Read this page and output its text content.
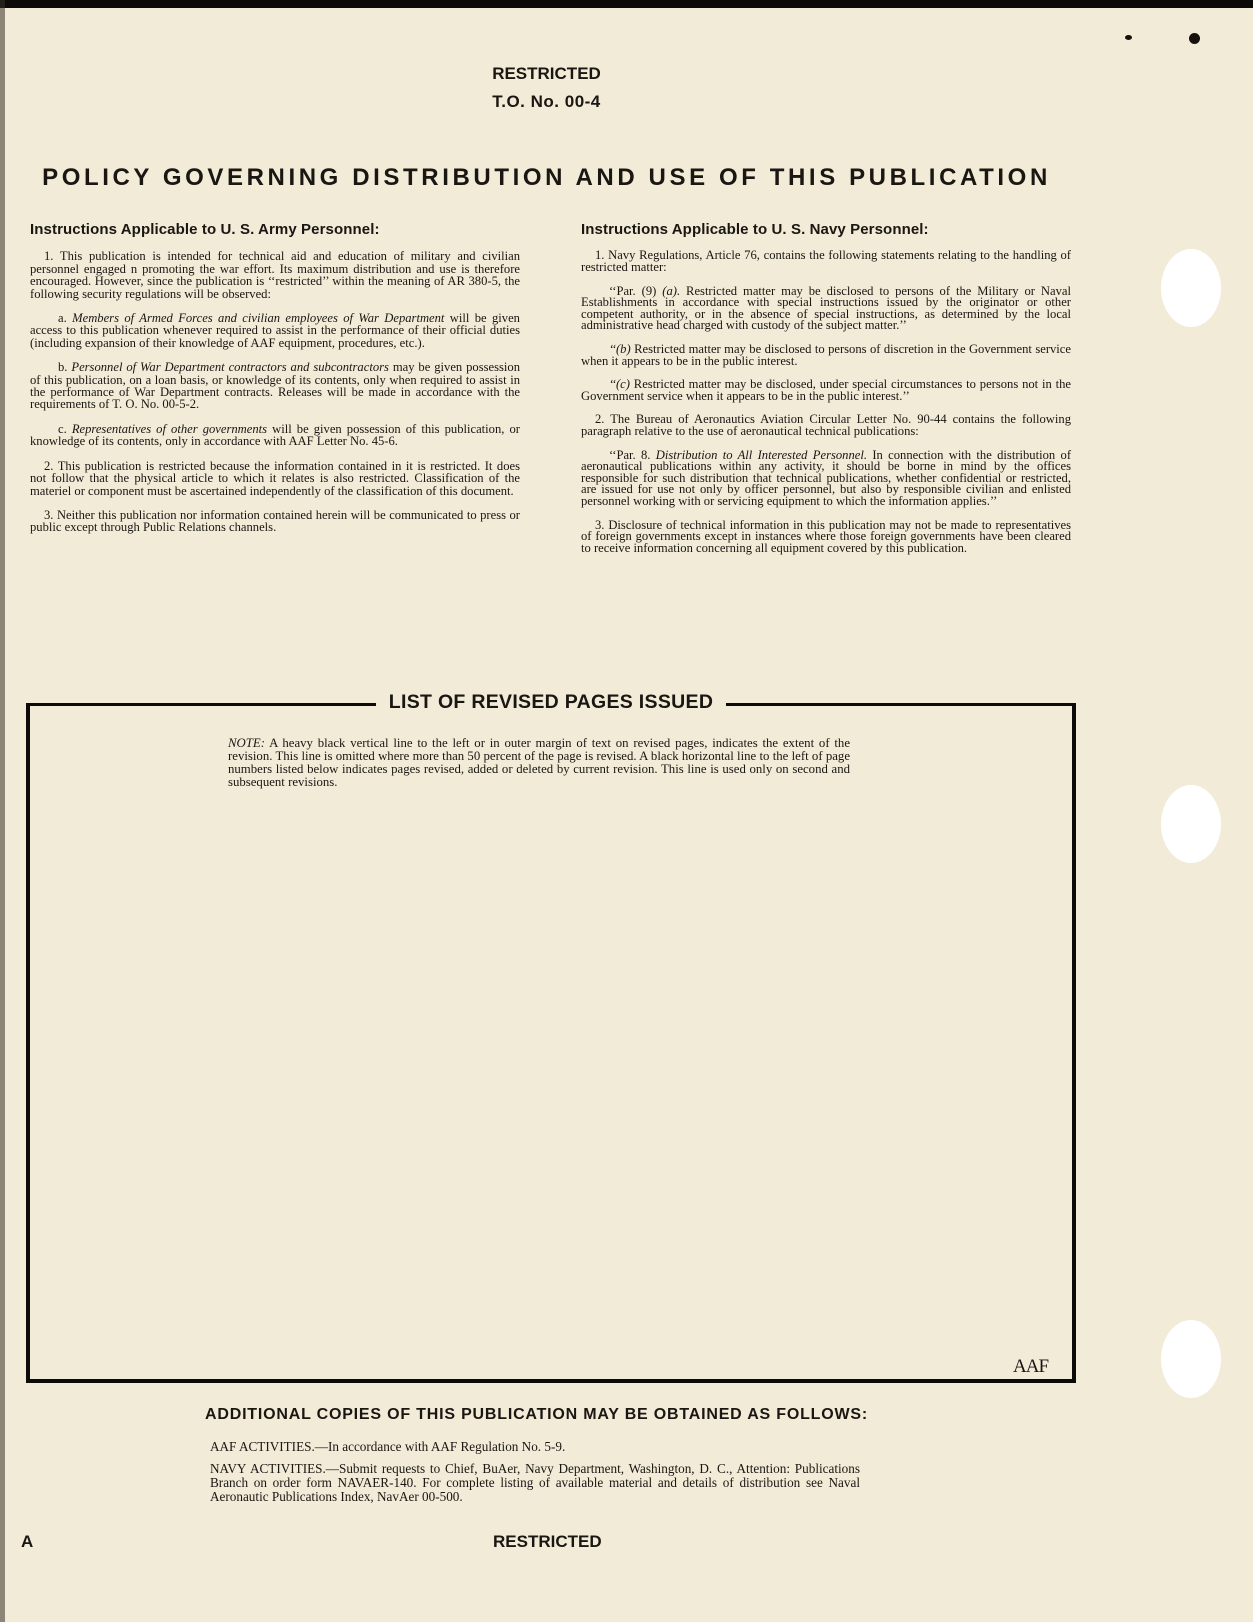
RESTRICTED
T.O. No. 00-4
POLICY GOVERNING DISTRIBUTION AND USE OF THIS PUBLICATION
Instructions Applicable to U. S. Army Personnel:

1. This publication is intended for technical aid and education of military and civilian personnel engaged n promoting the war effort. Its maximum distribution and use is therefore encouraged. However, since the publication is ‘‘restricted’’ within the meaning of AR 380-5, the following security regulations will be observed:

a. Members of Armed Forces and civilian employees of War Department will be given access to this publication whenever required to assist in the performance of their official duties (including expansion of their knowledge of AAF equipment, procedures, etc.).

b. Personnel of War Department contractors and subcontractors may be given possession of this publication, on a loan basis, or knowledge of its contents, only when required to assist in the performance of War Department contracts. Releases will be made in accordance with the requirements of T. O. No. 00-5-2.

c. Representatives of other governments will be given possession of this publication, or knowledge of its contents, only in accordance with AAF Letter No. 45-6.

2. This publication is restricted because the information contained in it is restricted. It does not follow that the physical article to which it relates is also restricted. Classification of the materiel or component must be ascertained independently of the classification of this document.

3. Neither this publication nor information contained herein will be communicated to press or public except through Public Relations channels.

Instructions Applicable to U. S. Navy Personnel:

1. Navy Regulations, Article 76, contains the following statements relating to the handling of restricted matter:

‘‘Par. (9) (a). Restricted matter may be disclosed to persons of the Military or Naval Establishments in accordance with special instructions issued by the originator or other competent authority, or in the absence of special instructions, as determined by the local administrative head charged with custody of the subject matter.’’

‘‘(b) Restricted matter may be disclosed to persons of discretion in the Government service when it appears to be in the public interest.

‘‘(c) Restricted matter may be disclosed, under special circumstances to persons not in the Government service when it appears to be in the public interest.’’

2. The Bureau of Aeronautics Aviation Circular Letter No. 90-44 contains the following paragraph relative to the use of aeronautical technical publications:

‘‘Par. 8. Distribution to All Interested Personnel. In connection with the distribution of aeronautical publications within any activity, it should be borne in mind by the offices responsible for such distribution that technical publications, whether confidential or restricted, are issued for use not only by officer personnel, but also by responsible civilian and enlisted personnel working with or servicing equipment to which the information applies.’’

3. Disclosure of technical information in this publication may not be made to representatives of foreign governments except in instances where those foreign governments have been cleared to receive information concerning all equipment covered by this publication.

LIST OF REVISED PAGES ISSUED
NOTE: A heavy black vertical line to the left or in outer margin of text on revised pages, indicates the extent of the revision. This line is omitted where more than 50 percent of the page is revised. A black horizontal line to the left of page numbers listed below indicates pages revised, added or deleted by current revision. This line is used only on second and subsequent revisions.
AAF
ADDITIONAL COPIES OF THIS PUBLICATION MAY BE OBTAINED AS FOLLOWS:
AAF ACTIVITIES.—In accordance with AAF Regulation No. 5-9.
NAVY ACTIVITIES.—Submit requests to Chief, BuAer, Navy Department, Washington, D. C., Attention: Publications Branch on order form NAVAER-140. For complete listing of available material and details of distribution see Naval Aeronautic Publications Index, NavAer 00-500.
A	RESTRICTED
